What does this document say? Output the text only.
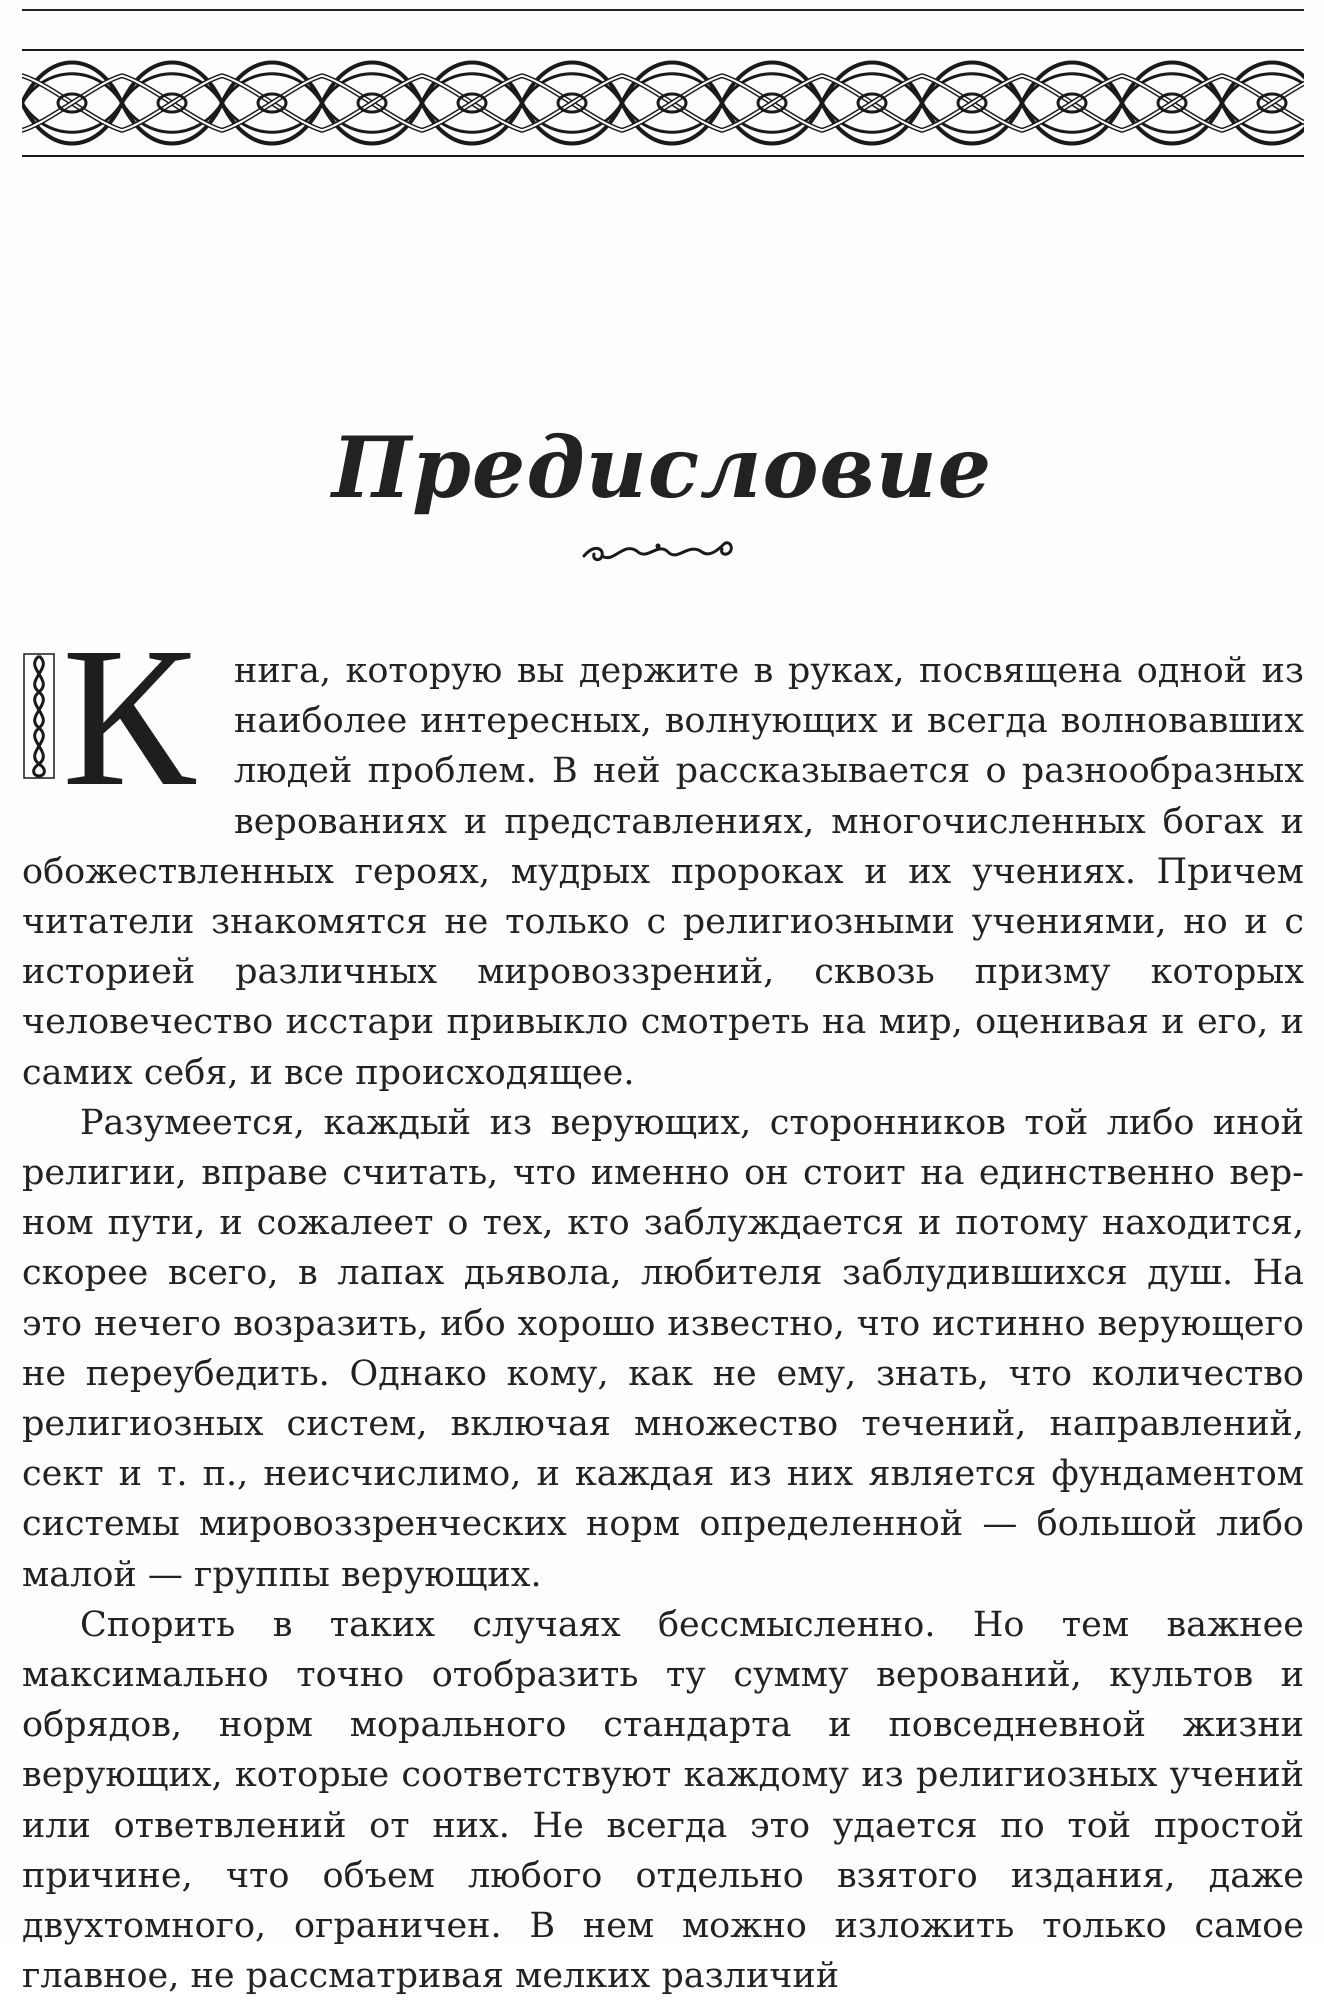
Предисловие

К нига, которую вы держите в руках, посвящена одной из наиболее интересных, волнующих и всегда волновавших людей проблем. В ней рассказывается о разнообразных верованиях и представлениях, многочисленных богах и обожествленных героях, мудрых пророках и их учениях. Причем читатели знакомятся не только с религиозными учениями, но и с историей различных мировоззрений, сквозь призму которых человечество исстари привыкло смотреть на мир, оценивая и его, и самих себя, и все происходящее.

Разумеется, каждый из верующих, сторонников той либо иной религии, вправе считать, что именно он стоит на единственно верном пути, и сожалеет о тех, кто заблуждается и потому находится, скорее всего, в лапах дьявола, любителя заблудившихся душ. На это нечего возразить, ибо хорошо известно, что истинно верующего не переубедить. Однако кому, как не ему, знать, что количество религиозных систем, включая множество течений, направлений, сект и т. п., неисчислимо, и каждая из них является фундаментом системы мировоззренческих норм определенной — большой либо малой — группы верующих.

Спорить в таких случаях бессмысленно. Но тем важнее максимально точно отобразить ту сумму верований, культов и обрядов, норм морального стандарта и повседневной жизни верующих, которые соответствуют каждому из религиозных учений или ответвлений от них. Не всегда это удается по той простой причине, что объем любого отдельно взятого издания, даже двухтомного, ограничен. В нем можно изложить только самое главное, не рассматривая мелких различий
